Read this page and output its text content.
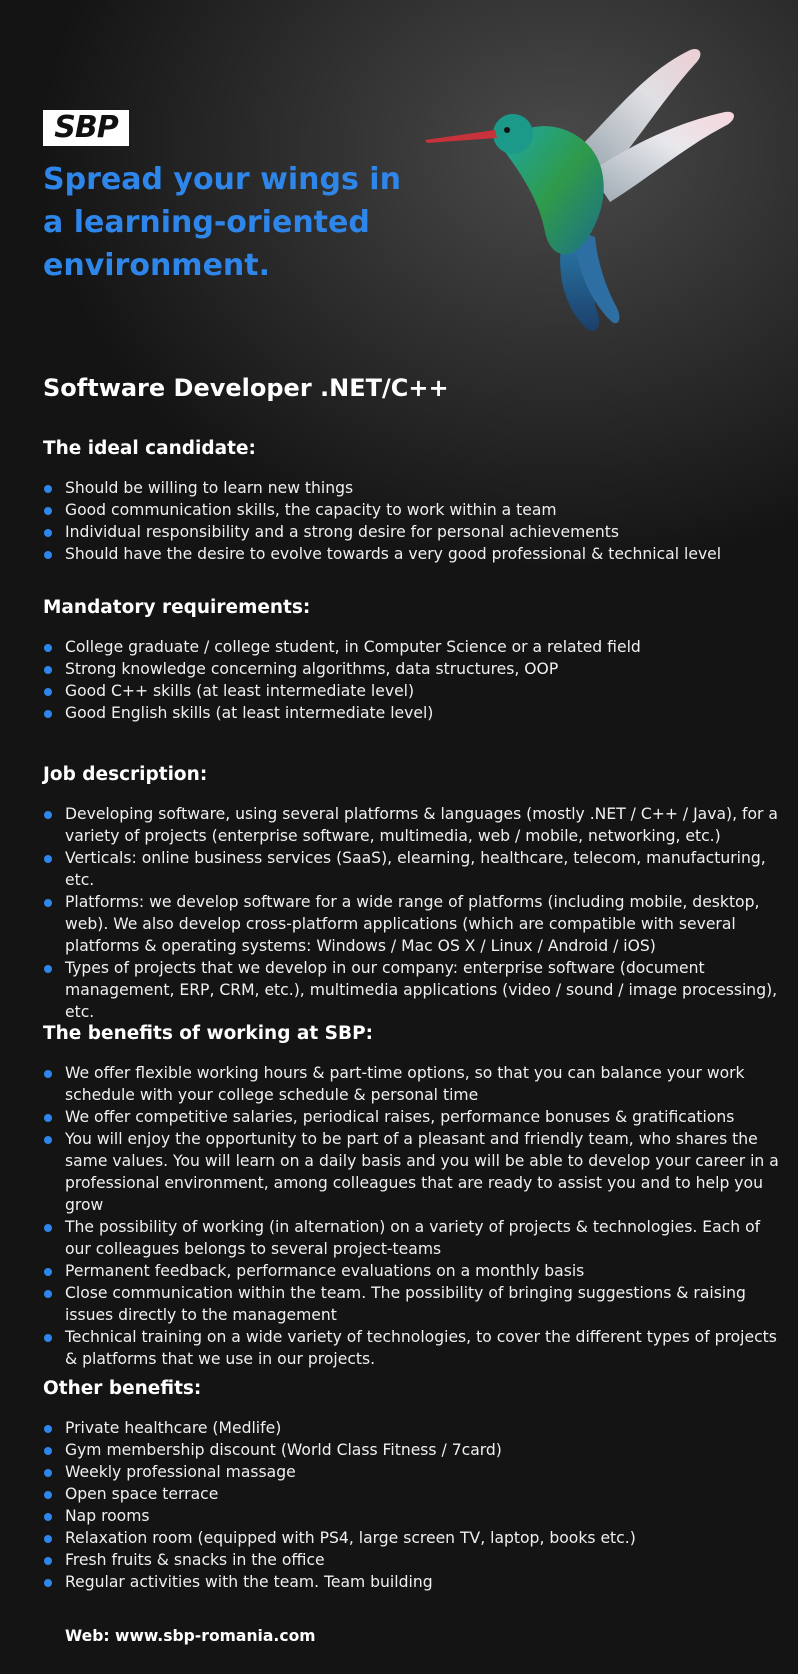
SBP
Spread your wings in a learning-oriented environment.
Software Developer .NET/C++
The ideal candidate:
Should be willing to learn new things
Good communication skills, the capacity to work within a team
Individual responsibility and a strong desire for personal achievements
Should have the desire to evolve towards a very good professional & technical level
Mandatory requirements:
College graduate / college student, in Computer Science or a related field
Strong knowledge concerning algorithms, data structures, OOP
Good C++ skills (at least intermediate level)
Good English skills (at least intermediate level)
Job description:
Developing software, using several platforms & languages (mostly .NET / C++ / Java), for a variety of projects (enterprise software, multimedia, web / mobile, networking, etc.)
Verticals: online business services (SaaS), elearning, healthcare, telecom, manufacturing, etc.
Platforms: we develop software for a wide range of platforms (including mobile, desktop, web). We also develop cross-platform applications (which are compatible with several platforms & operating systems: Windows / Mac OS X / Linux / Android / iOS)
Types of projects that we develop in our company: enterprise software (document management, ERP, CRM, etc.), multimedia applications (video / sound / image processing), etc.
The benefits of working at SBP:
We offer flexible working hours & part-time options, so that you can balance your work schedule with your college schedule & personal time
We offer competitive salaries, periodical raises, performance bonuses & gratifications
You will enjoy the opportunity to be part of a pleasant and friendly team, who shares the same values. You will learn on a daily basis and you will be able to develop your career in a professional environment, among colleagues that are ready to assist you and to help you grow
The possibility of working (in alternation) on a variety of projects & technologies. Each of our colleagues belongs to several project-teams
Permanent feedback, performance evaluations on a monthly basis
Close communication within the team. The possibility of bringing suggestions & raising issues directly to the management
Technical training on a wide variety of technologies, to cover the different types of projects & platforms that we use in our projects.
Other benefits:
Private healthcare (Medlife)
Gym membership discount (World Class Fitness / 7card)
Weekly professional massage
Open space terrace
Nap rooms
Relaxation room (equipped with PS4, large screen TV, laptop, books etc.)
Fresh fruits & snacks in the office
Regular activities with the team. Team building
Web: www.sbp-romania.com
